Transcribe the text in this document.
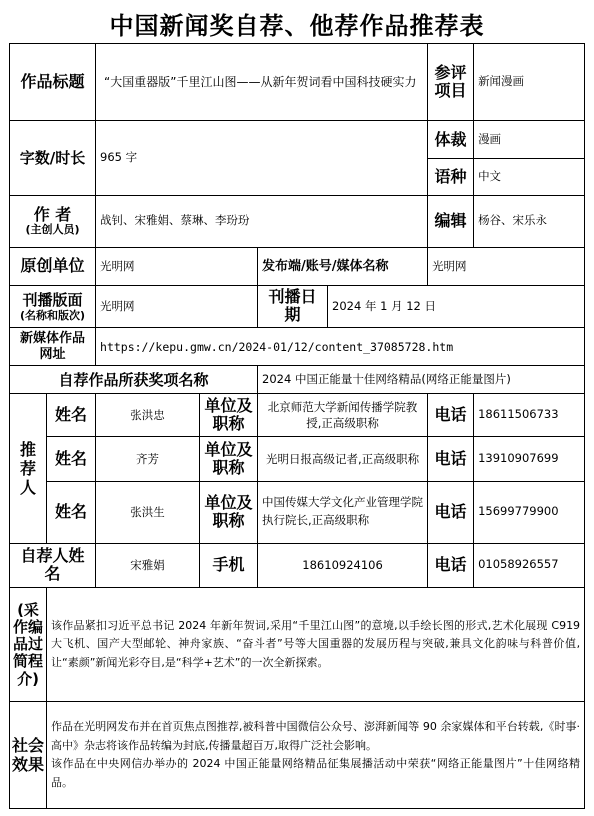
中国新闻奖自荐、他荐作品推荐表
作品标题		“大国重器版”千里江山图——从新年贺词看中国科技硬实力				参评项目	新闻漫画
字数/时长		965 字				体裁	漫画
						语种	中文

作 者
(主创人员)		战钊、宋雅娟、蔡琳、李玢玢				编辑	杨谷、宋乐永
原创单位		光明网		发布端/账号/媒体名称		光明网	

刊播版面
(名称和版次)		光明网		刊播日期	2024 年 1 月 12 日		
新媒体作品网址		https://kepu.gmw.cn/2024-01/12/content_37085728.htm					
自荐作品所获奖项名称				2024 中国正能量十佳网络精品(网络正能量图片)			
推荐人	姓名	张洪忠	单位及职称	北京师范大学新闻传播学院教授,正高级职称		电话	18611506733
	姓名	齐芳	单位及职称	光明日报高级记者,正高级职称		电话	13910907699
	姓名	张洪生	单位及职称	中国传媒大学文化产业管理学院执行院长,正高级职称		电话	15699779900
自荐人姓名		宋雅娟	手机	18610924106		电话	01058926557
(采作编品过简程介)	该作品紧扣习近平总书记 2024 年新年贺词,采用“千里江山图”的意境,以手绘长图的形式,艺术化展现 C919 大飞机、国产大型邮轮、神舟家族、“奋斗者”号等大国重器的发展历程与突破,兼具文化韵味与科普价值,让“素颜”新闻光彩夺目,是“科学+艺术”的一次全新探索。						
社会效果	作品在光明网发布并在首页焦点图推荐,被科普中国微信公众号、澎湃新闻等 90 余家媒体和平台转载,《时事·高中》杂志将该作品转编为封底,传播量超百万,取得广泛社会影响。
该作品在中央网信办举办的 2024 中国正能量网络精品征集展播活动中荣获“网络正能量图片”十佳网络精品。						
